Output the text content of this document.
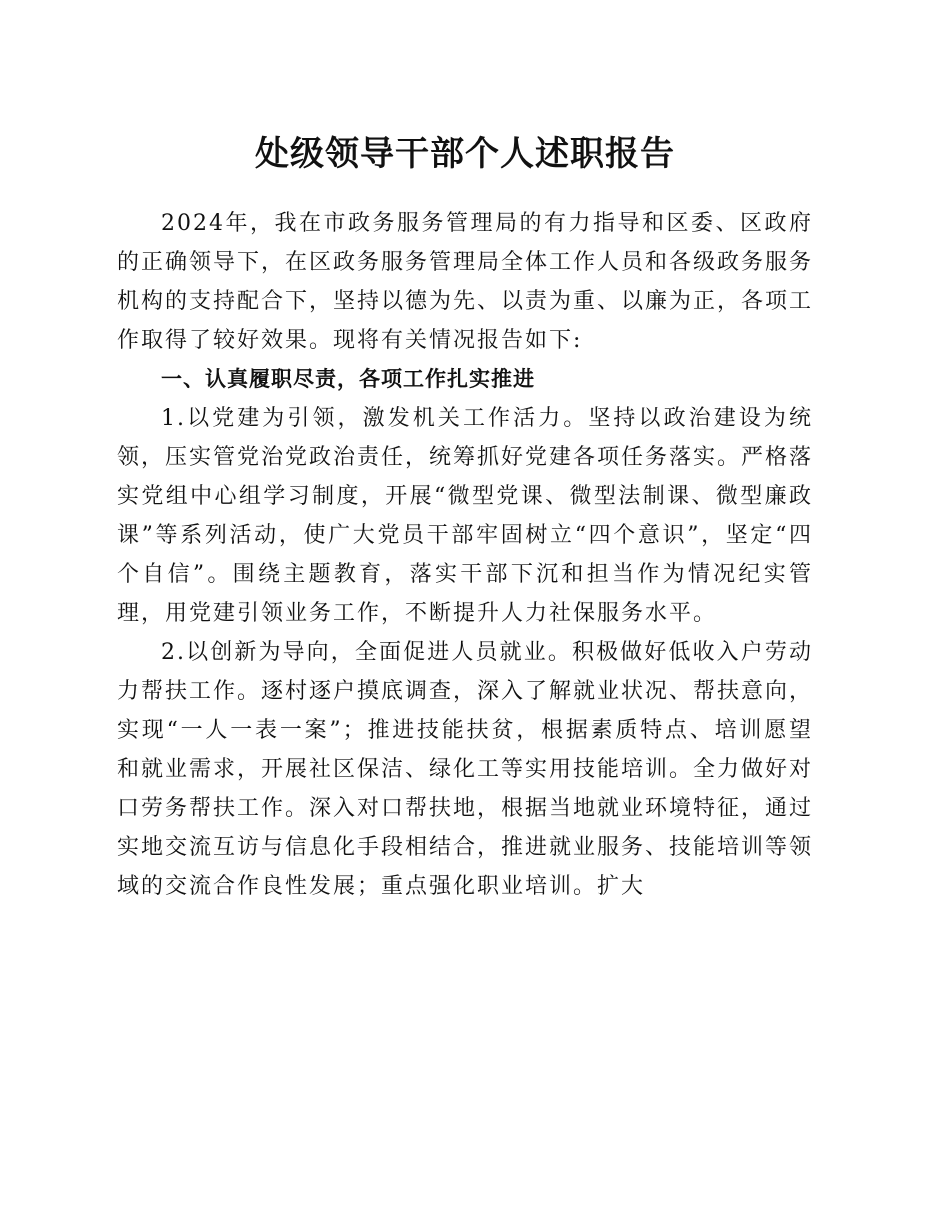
处级领导干部个人述职报告

2024年，我在市政务服务管理局的有力指导和区委、区政府的正确领导下，在区政务服务管理局全体工作人员和各级政务服务机构的支持配合下，坚持以德为先、以责为重、以廉为正，各项工作取得了较好效果。现将有关情况报告如下:

一、认真履职尽责，各项工作扎实推进

1.以党建为引领，激发机关工作活力。坚持以政治建设为统领，压实管党治党政治责任，统筹抓好党建各项任务落实。严格落实党组中心组学习制度，开展“微型党课、微型法制课、微型廉政课”等系列活动，使广大党员干部牢固树立“四个意识”，坚定“四个自信”。围绕主题教育，落实干部下沉和担当作为情况纪实管理，用党建引领业务工作，不断提升人力社保服务水平。

2.以创新为导向，全面促进人员就业。积极做好低收入户劳动力帮扶工作。逐村逐户摸底调查，深入了解就业状况、帮扶意向，实现“一人一表一案”；推进技能扶贫，根据素质特点、培训愿望和就业需求，开展社区保洁、绿化工等实用技能培训。全力做好对口劳务帮扶工作。深入对口帮扶地，根据当地就业环境特征，通过实地交流互访与信息化手段相结合，推进就业服务、技能培训等领域的交流合作良性发展；重点强化职业培训。扩大
